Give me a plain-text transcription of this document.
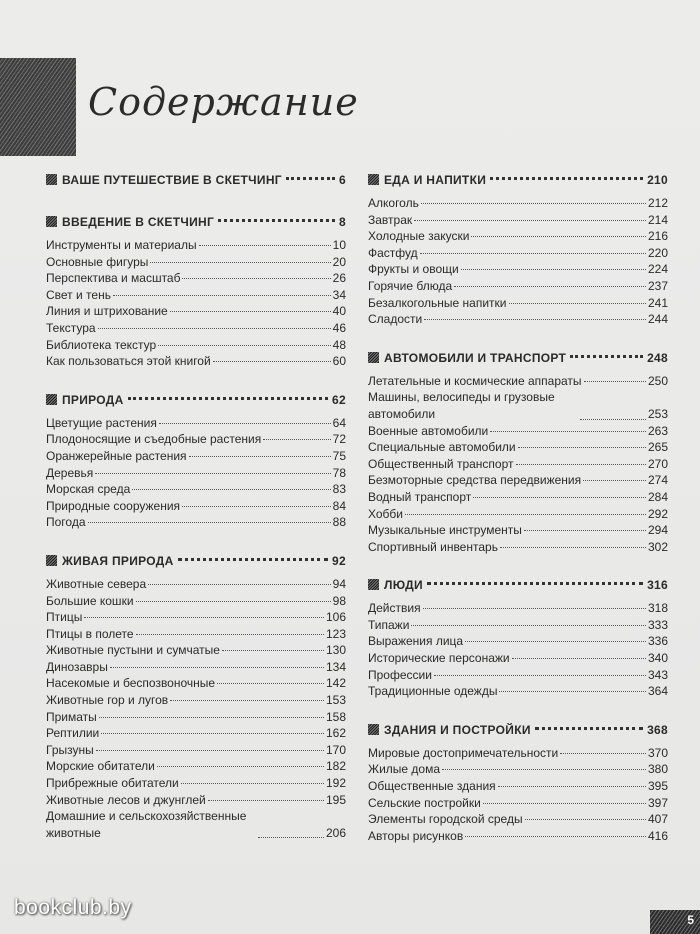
Содержание
ВАШЕ ПУТЕШЕСТВИЕ В СКЕТЧИНГ	6
ВВЕДЕНИЕ В СКЕТЧИНГ	8
Инструменты и материалы	10
Основные фигуры	20
Перспектива и масштаб	26
Свет и тень	34
Линия и штрихование	40
Текстура	46
Библиотека текстур	48
Как пользоваться этой книгой	60
ПРИРОДА	62
Цветущие растения	64
Плодоносящие и съедобные растения	72
Оранжерейные растения	75
Деревья	78
Морская среда	83
Природные сооружения	84
Погода	88
ЖИВАЯ ПРИРОДА	92
Животные севера	94
Большие кошки	98
Птицы	106
Птицы в полете	123
Животные пустыни и сумчатые	130
Динозавры	134
Насекомые и беспозвоночные	142
Животные гор и лугов	153
Приматы	158
Рептилии	162
Грызуны	170
Морские обитатели	182
Прибрежные обитатели	192
Животные лесов и джунглей	195
Домашние и сельскохозяйственные животные	206
ЕДА И НАПИТКИ	210
Алкоголь	212
Завтрак	214
Холодные закуски	216
Фастфуд	220
Фрукты и овощи	224
Горячие блюда	237
Безалкогольные напитки	241
Сладости	244
АВТОМОБИЛИ И ТРАНСПОРТ	248
Летательные и космические аппараты	250
Машины, велосипеды и грузовые автомобили	253
Военные автомобили	263
Специальные автомобили	265
Общественный транспорт	270
Безмоторные средства передвижения	274
Водный транспорт	284
Хобби	292
Музыкальные инструменты	294
Спортивный инвентарь	302
ЛЮДИ	316
Действия	318
Типажи	333
Выражения лица	336
Исторические персонажи	340
Профессии	343
Традиционные одежды	364
ЗДАНИЯ И ПОСТРОЙКИ	368
Мировые достопримечательности	370
Жилые дома	380
Общественные здания	395
Сельские постройки	397
Элементы городской среды	407
Авторы рисунков	416
bookclub.by
5
